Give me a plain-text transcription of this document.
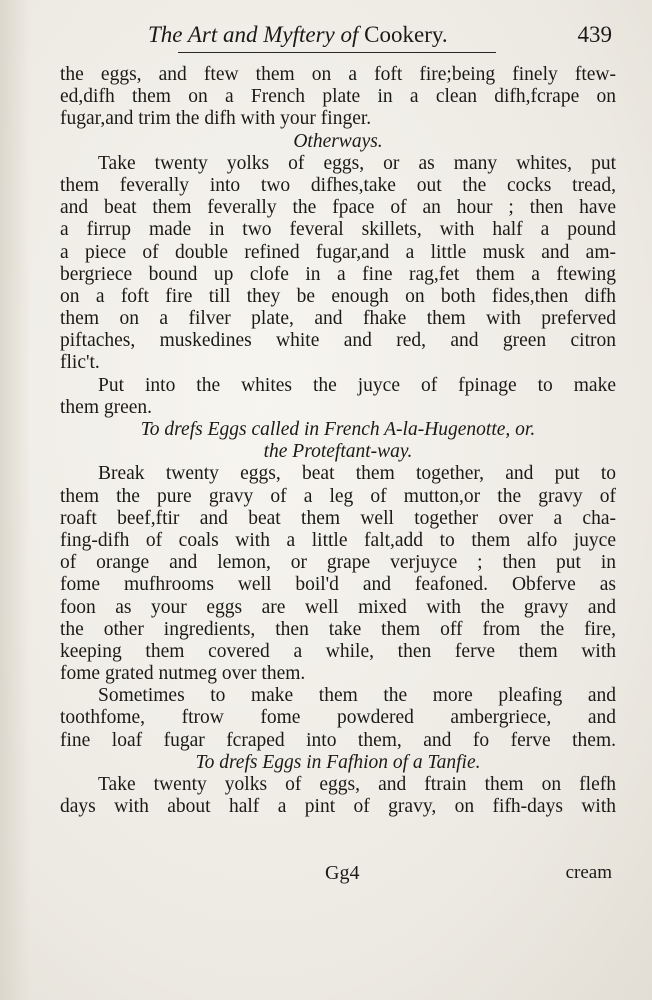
The Art and Myftery of Cookery.	439
the eggs, and ftew them on a foft fire;being finely ftew-
ed,difh them on a French plate in a clean difh,fcrape on
fugar,and trim the difh with your finger.
Otherways.
Take twenty yolks of eggs, or as many whites, put
them feverally into two difhes,take out the cocks tread,
and beat them feverally the fpace of an hour ; then have
a firrup made in two feveral skillets, with half a pound
a piece of double refined fugar,and a little musk and am-
bergriece bound up clofe in a fine rag,fet them a ftewing
on a foft fire till they be enough on both fides,then difh
them on a filver plate, and fhake them with preferved
piftaches, muskedines white and red, and green citron
flic't.
Put into the whites the juyce of fpinage to make
them green.
To drefs Eggs called in French A-la-Hugenotte, or.
the Proteftant-way.
Break twenty eggs, beat them together, and put to
them the pure gravy of a leg of mutton,or the gravy of
roaft beef,ftir and beat them well together over a cha-
fing-difh of coals with a little falt,add to them alfo juyce
of orange and lemon, or grape verjuyce ; then put in
fome mufhrooms well boil'd and feafoned. Obferve as
foon as your eggs are well mixed with the gravy and
the other ingredients, then take them off from the fire,
keeping them covered a while, then ferve them with
fome grated nutmeg over them.
Sometimes to make them the more pleafing and
toothfome, ftrow fome powdered ambergriece, and
fine loaf fugar fcraped into them, and fo ferve them.
To drefs Eggs in Fafhion of a Tanfie.
Take twenty yolks of eggs, and ftrain them on flefh
days with about half a pint of gravy, on fifh-days with
Gg4	cream
